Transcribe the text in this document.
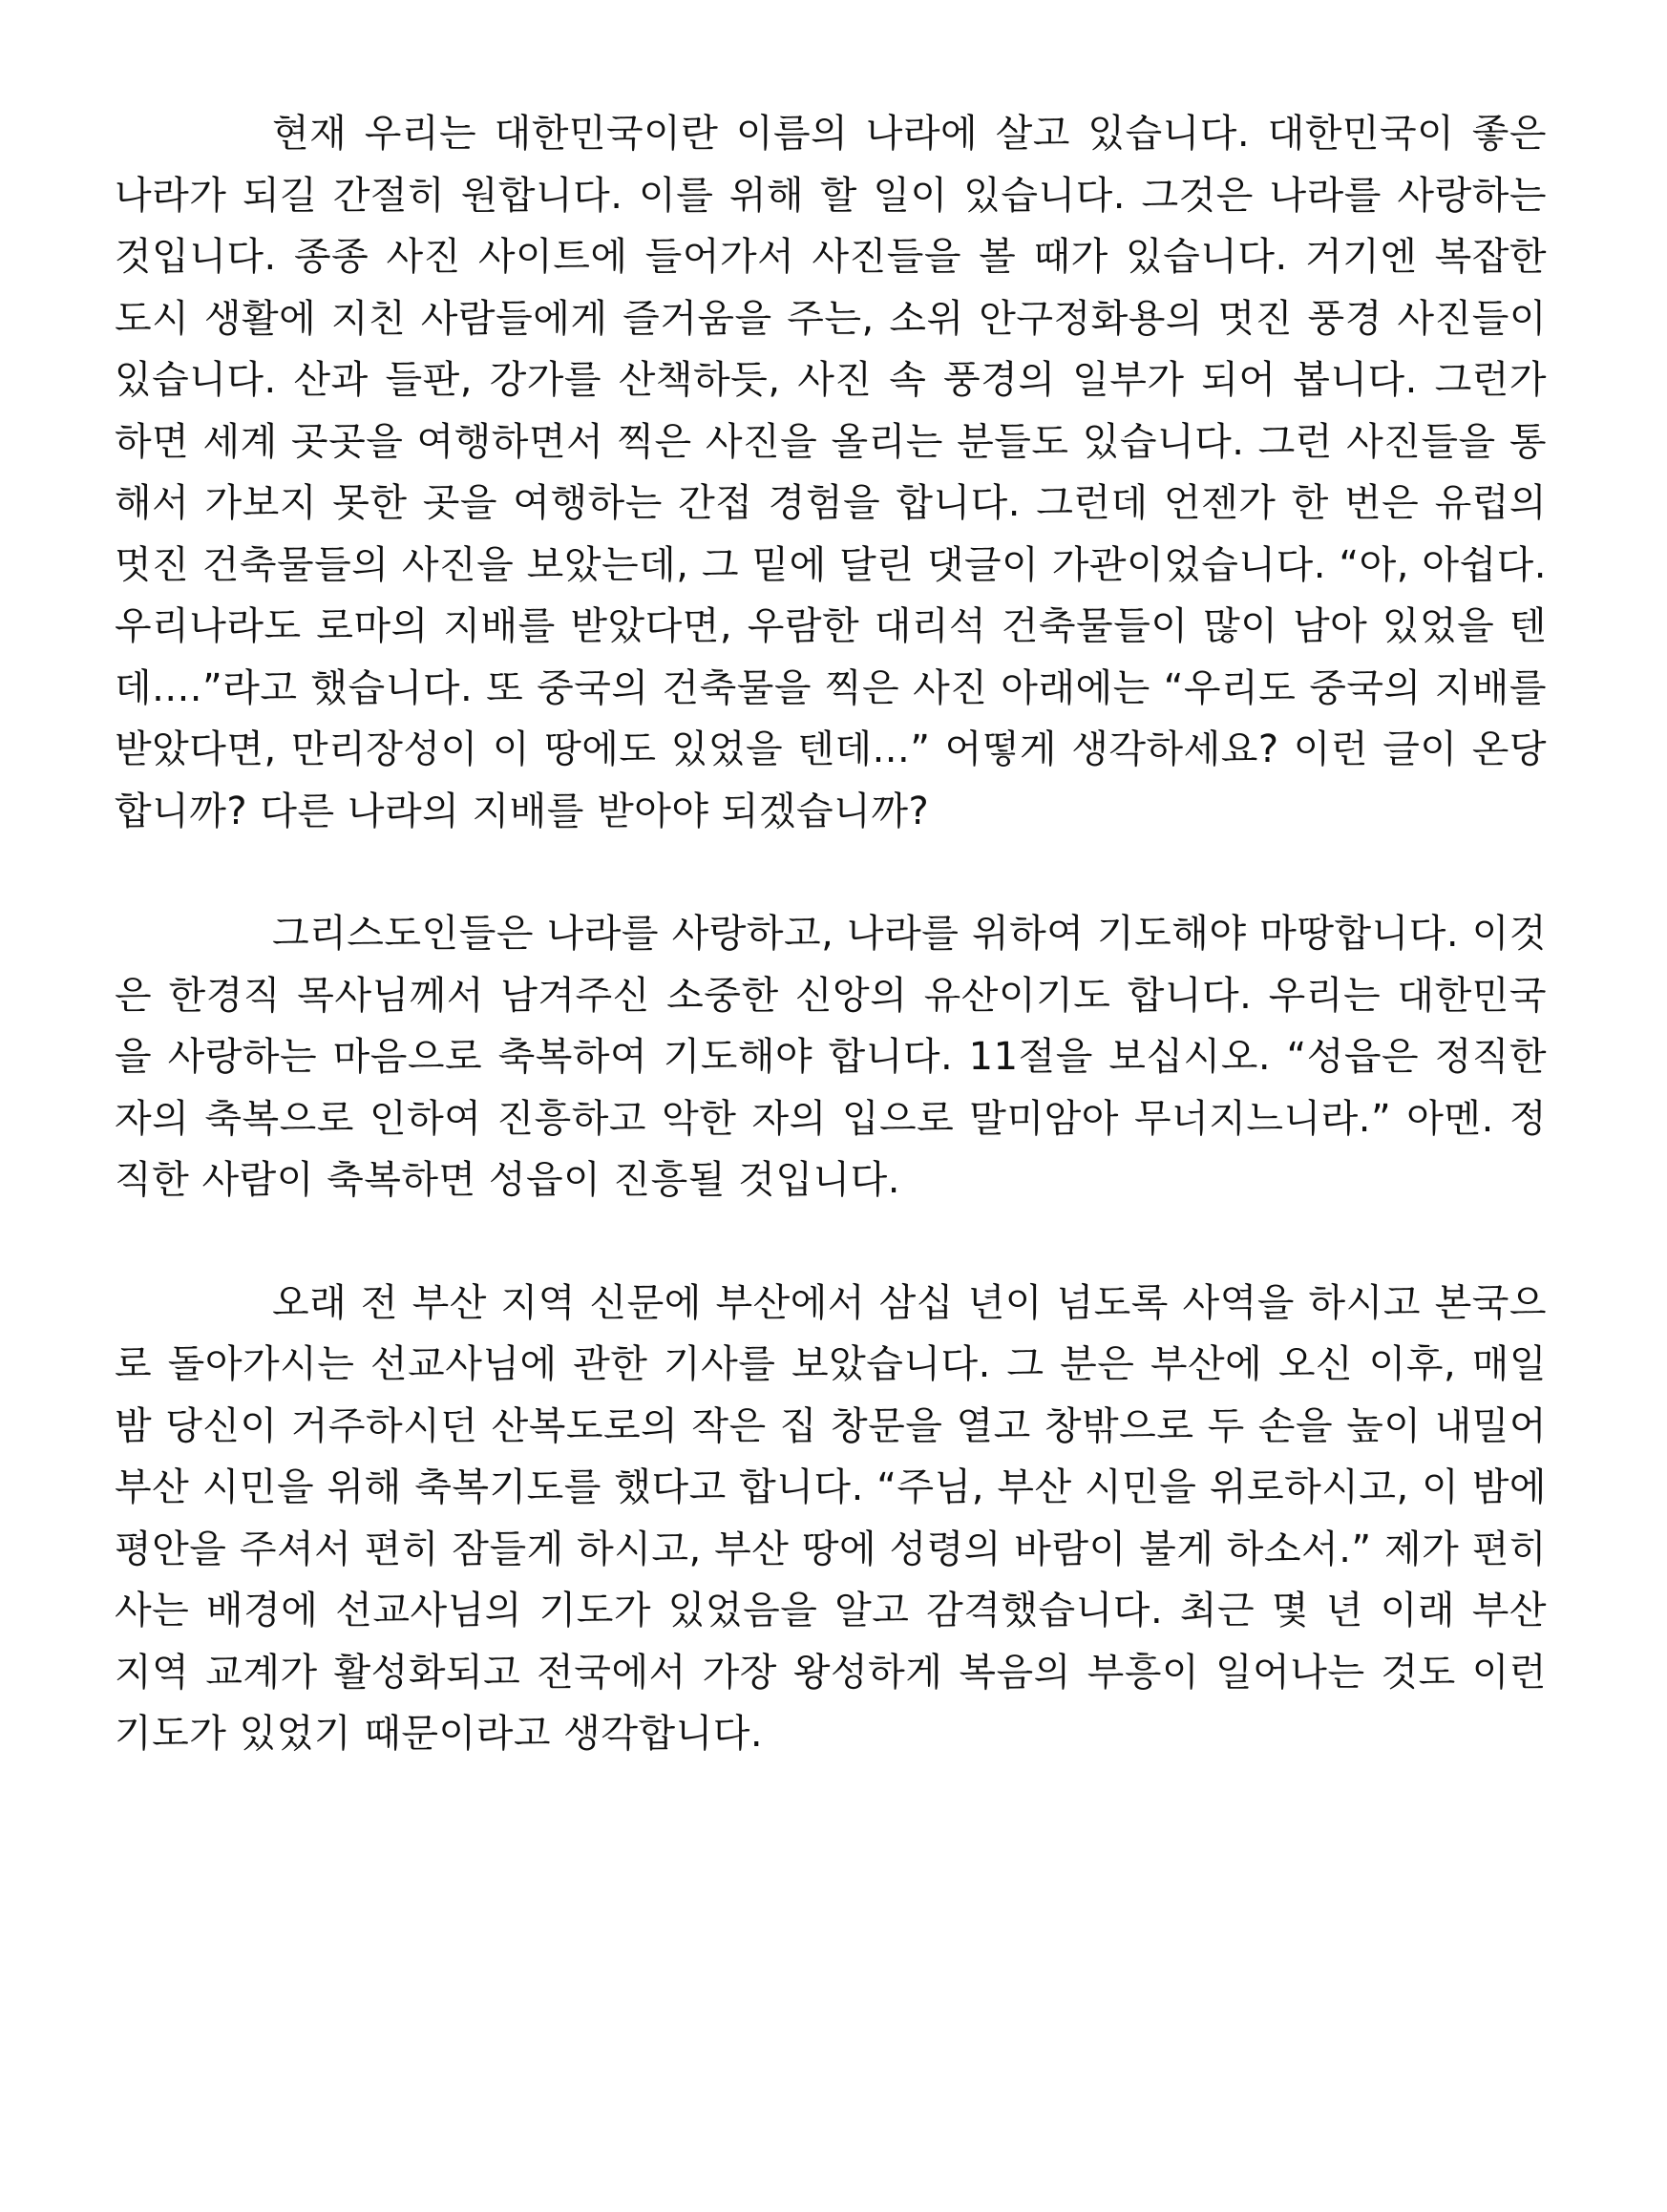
현재 우리는 대한민국이란 이름의 나라에 살고 있습니다. 대한민국이 좋은 나라가 되길 간절히 원합니다. 이를 위해 할 일이 있습니다. 그것은 나라를 사랑하는 것입니다. 종종 사진 사이트에 들어가서 사진들을 볼 때가 있습니다. 거기엔 복잡한 도시 생활에 지친 사람들에게 즐거움을 주는, 소위 안구정화용의 멋진 풍경 사진들이 있습니다. 산과 들판, 강가를 산책하듯, 사진 속 풍경의 일부가 되어 봅니다. 그런가 하면 세계 곳곳을 여행하면서 찍은 사진을 올리는 분들도 있습니다. 그런 사진들을 통해서 가보지 못한 곳을 여행하는 간접 경험을 합니다. 그런데 언젠가 한 번은 유럽의 멋진 건축물들의 사진을 보았는데, 그 밑에 달린 댓글이 가관이었습니다. “아, 아쉽다. 우리나라도 로마의 지배를 받았다면, 우람한 대리석 건축물들이 많이 남아 있었을 텐데....”라고 했습니다. 또 중국의 건축물을 찍은 사진 아래에는 “우리도 중국의 지배를 받았다면, 만리장성이 이 땅에도 있었을 텐데...” 어떻게 생각하세요? 이런 글이 온당합니까? 다른 나라의 지배를 받아야 되겠습니까?

그리스도인들은 나라를 사랑하고, 나라를 위하여 기도해야 마땅합니다. 이것은 한경직 목사님께서 남겨주신 소중한 신앙의 유산이기도 합니다. 우리는 대한민국을 사랑하는 마음으로 축복하여 기도해야 합니다. 11절을 보십시오. “성읍은 정직한 자의 축복으로 인하여 진흥하고 악한 자의 입으로 말미암아 무너지느니라.” 아멘. 정직한 사람이 축복하면 성읍이 진흥될 것입니다.

오래 전 부산 지역 신문에 부산에서 삼십 년이 넘도록 사역을 하시고 본국으로 돌아가시는 선교사님에 관한 기사를 보았습니다. 그 분은 부산에 오신 이후, 매일 밤 당신이 거주하시던 산복도로의 작은 집 창문을 열고 창밖으로 두 손을 높이 내밀어 부산 시민을 위해 축복기도를 했다고 합니다. “주님, 부산 시민을 위로하시고, 이 밤에 평안을 주셔서 편히 잠들게 하시고, 부산 땅에 성령의 바람이 불게 하소서.” 제가 편히 사는 배경에 선교사님의 기도가 있었음을 알고 감격했습니다. 최근 몇 년 이래 부산 지역 교계가 활성화되고 전국에서 가장 왕성하게 복음의 부흥이 일어나는 것도 이런 기도가 있었기 때문이라고 생각합니다.
